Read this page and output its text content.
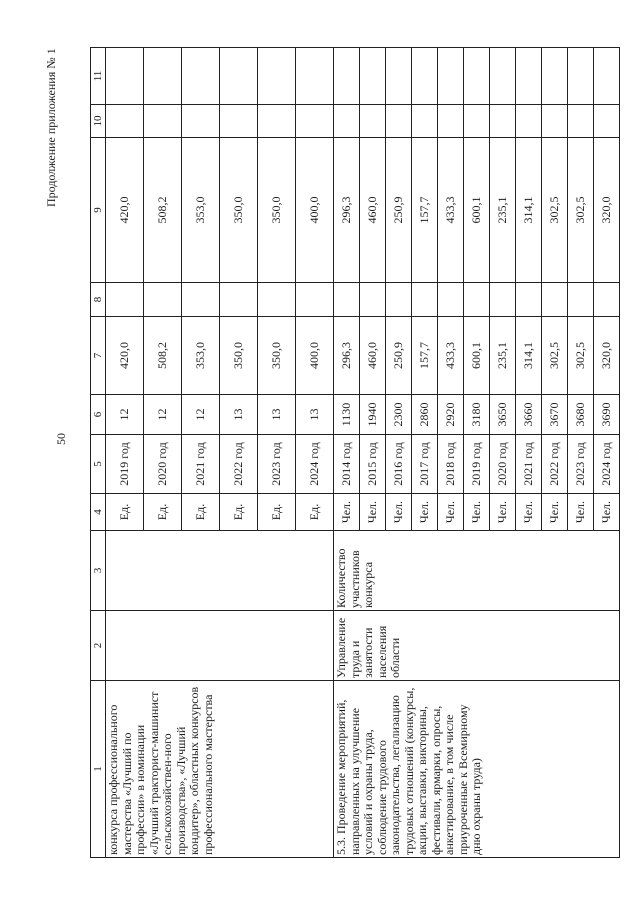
50
Продолжение приложения № 1
1	2	3	4	5	6	7	8	9	10	11
конкурса профессионального мастерства «Лучший по профессии» в номинации «Лучший тракторист-машинист сельскохозяйствен-ного производства», «Лучший кондитер», областных конкурсов профессионального мастерства			Ед.	2019 год	12	420,0		420,0		
			Ед.	2020 год	12	508,2		508,2		
			Ед.	2021 год	12	353,0		353,0		
			Ед.	2022 год	13	350,0		350,0		
			Ед.	2023 год	13	350,0		350,0		
			Ед.	2024 год	13	400,0		400,0		
5.3. Проведение мероприятий, направленных на улучшение условий и охраны труда, соблюдение трудового законодательства, легализацию трудовых отношений (конкурсы, акции, выставки, викторины, фестивали, ярмарки, опросы, анкетирование, в том числе приуроченные к Всемирному дню охраны труда)	Управление труда и занятости населения области	Количество участников конкурса	Чел.	2014 год	1130	296,3		296,3		
			Чел.	2015 год	1940	460,0		460,0		
			Чел.	2016 год	2300	250,9		250,9		
			Чел.	2017 год	2860	157,7		157,7		
			Чел.	2018 год	2920	433,3		433,3		
			Чел.	2019 год	3180	600,1		600,1		
			Чел.	2020 год	3650	235,1		235,1		
			Чел.	2021 год	3660	314,1		314,1		
			Чел.	2022 год	3670	302,5		302,5		
			Чел.	2023 год	3680	302,5		302,5		
			Чел.	2024 год	3690	320,0		320,0		
